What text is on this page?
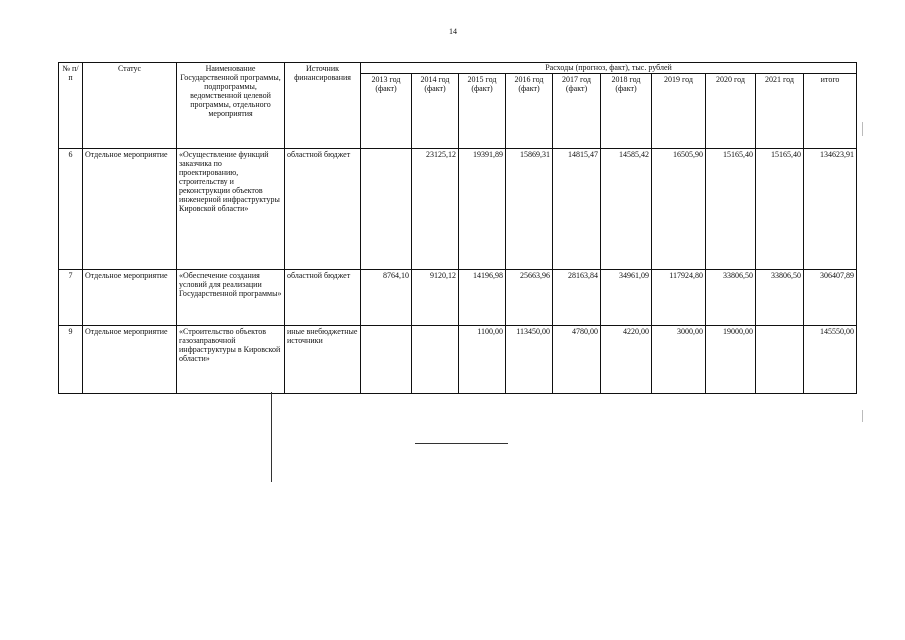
14
№ п/п	Статус	Наименование Государственной программы, подпрограммы, ведомственной целевой программы, отдельного мероприятия	Источник финансирования	Расходы (прогноз, факт), тыс. рублей									
				2013 год (факт)	2014 год (факт)	2015 год (факт)	2016 год (факт)	2017 год (факт)	2018 год (факт)	2019 год	2020 год	2021 год	итого
6	Отдельное мероприятие	«Осуществление функций заказчика по проектированию, строительству и реконструкции объектов инженерной инфраструктуры Кировской области»	областной бюджет		23125,12	19391,89	15869,31	14815,47	14585,42	16505,90	15165,40	15165,40	134623,91
7	Отдельное мероприятие	«Обеспечение создания условий для реализации Государственной программы»	областной бюджет	8764,10	9120,12	14196,98	25663,96	28163,84	34961,09	117924,80	33806,50	33806,50	306407,89
9	Отдельное мероприятие	«Строительство объектов газозаправочной инфраструктуры в Кировской области»	иные внебюджетные источники			1100,00	113450,00	4780,00	4220,00	3000,00	19000,00		145550,00
